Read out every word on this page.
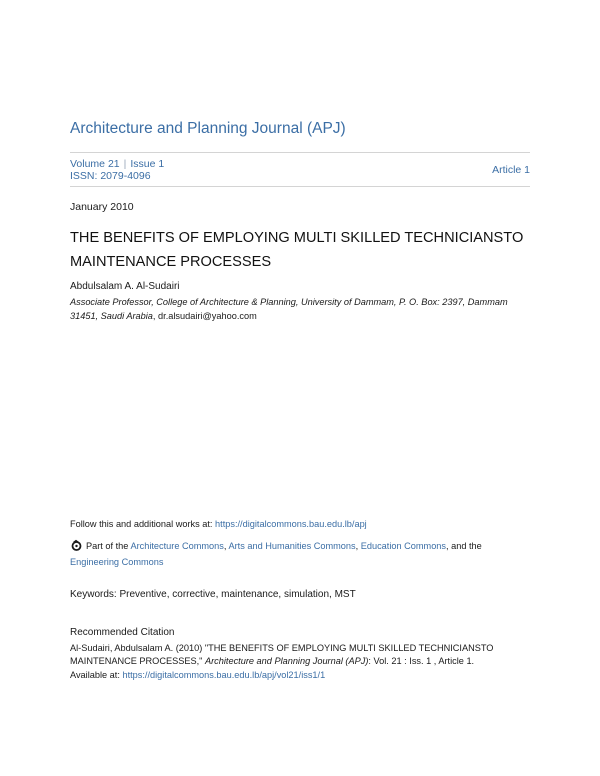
Architecture and Planning Journal (APJ)
Volume 21 | Issue 1
ISSN: 2079-4096	Article 1
January 2010
THE BENEFITS OF EMPLOYING MULTI SKILLED TECHNICIANSTO MAINTENANCE PROCESSES
Abdulsalam A. Al-Sudairi
Associate Professor, College of Architecture & Planning, University of Dammam, P. O. Box: 2397, Dammam 31451, Saudi Arabia, dr.alsudairi@yahoo.com
Follow this and additional works at: https://digitalcommons.bau.edu.lb/apj
Part of the Architecture Commons, Arts and Humanities Commons, Education Commons, and the Engineering Commons
Keywords: Preventive, corrective, maintenance, simulation, MST
Recommended Citation
Al-Sudairi, Abdulsalam A. (2010) "THE BENEFITS OF EMPLOYING MULTI SKILLED TECHNICIANSTO MAINTENANCE PROCESSES," Architecture and Planning Journal (APJ): Vol. 21 : Iss. 1 , Article 1.
Available at: https://digitalcommons.bau.edu.lb/apj/vol21/iss1/1
